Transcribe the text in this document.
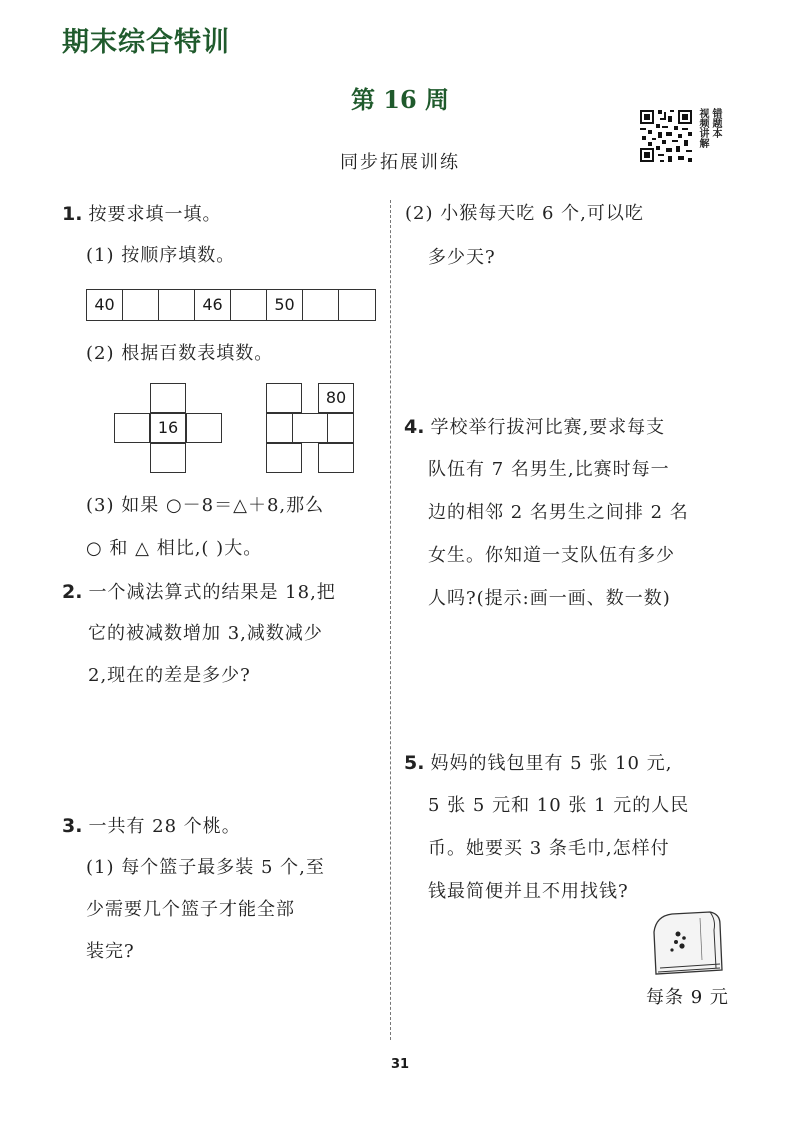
期末综合特训
第 16 周
同步拓展训练
视频讲解 错题本
1. 按要求填一填。
(1) 按顺序填数。
40	46	50
(2) 根据百数表填数。
16
80
(3) 如果 ○－8＝△＋8,那么
○ 和 △ 相比,( )大。
2. 一个减法算式的结果是 18,把
它的被减数增加 3,减数减少
2,现在的差是多少?
3. 一共有 28 个桃。
(1) 每个篮子最多装 5 个,至
少需要几个篮子才能全部
装完?
(2) 小猴每天吃 6 个,可以吃
多少天?
4. 学校举行拔河比赛,要求每支
队伍有 7 名男生,比赛时每一
边的相邻 2 名男生之间排 2 名
女生。你知道一支队伍有多少
人吗?(提示:画一画、数一数)
5. 妈妈的钱包里有 5 张 10 元,
5 张 5 元和 10 张 1 元的人民
币。她要买 3 条毛巾,怎样付
钱最简便并且不用找钱?
每条 9 元
31
